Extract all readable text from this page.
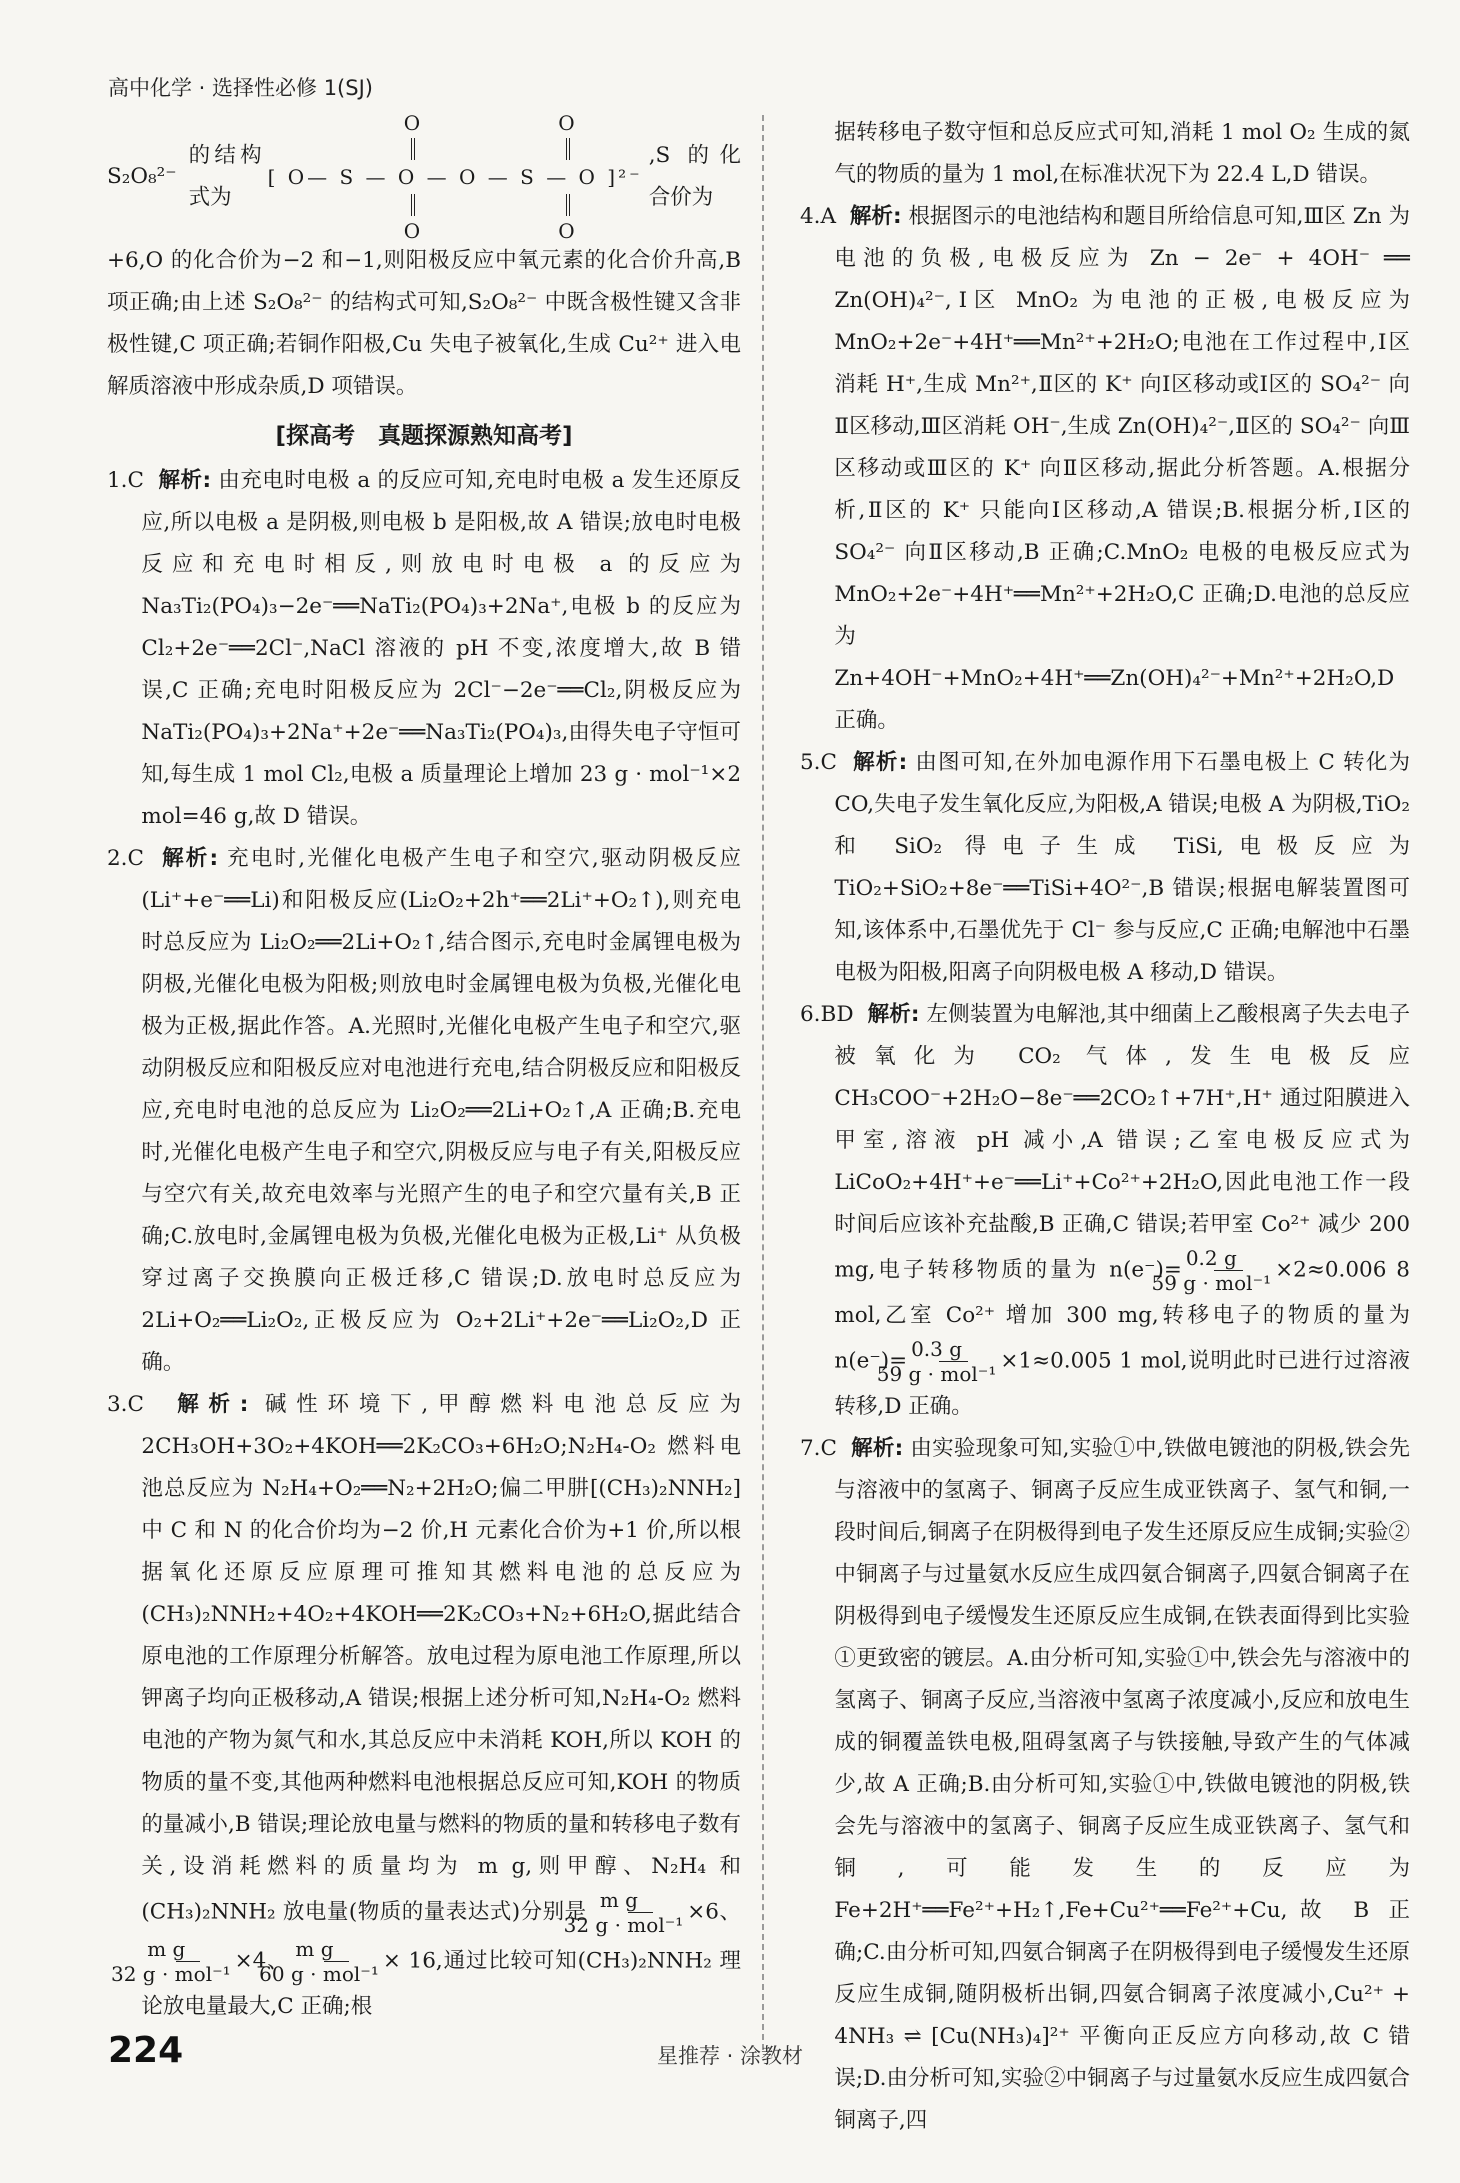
高中化学 · 选择性必修 1(SJ)
S₂O₈²⁻
的结构式为
O	O
[ O— S — O — O — S — O ]²⁻
O	O
,S 的化合价为

+6,O 的化合价为−2 和−1,则阳极反应中氧元素的化合价升高,B 项正确;由上述 S₂O₈²⁻ 的结构式可知,S₂O₈²⁻ 中既含极性键又含非极性键,C 项正确;若铜作阳极,Cu 失电子被氧化,生成 Cu²⁺ 进入电解质溶液中形成杂质,D 项错误。

[探高考　真题探源熟知高考]

1.C 解析: 由充电时电极 a 的反应可知,充电时电极 a 发生还原反应,所以电极 a 是阴极,则电极 b 是阳极,故 A 错误;放电时电极反应和充电时相反,则放电时电极 a 的反应为 Na₃Ti₂(PO₄)₃−2e⁻══NaTi₂(PO₄)₃+2Na⁺,电极 b 的反应为 Cl₂+2e⁻══2Cl⁻,NaCl 溶液的 pH 不变,浓度增大,故 B 错误,C 正确;充电时阳极反应为 2Cl⁻−2e⁻══Cl₂,阴极反应为 NaTi₂(PO₄)₃+2Na⁺+2e⁻══Na₃Ti₂(PO₄)₃,由得失电子守恒可知,每生成 1 mol Cl₂,电极 a 质量理论上增加 23 g · mol⁻¹×2 mol=46 g,故 D 错误。

2.C 解析: 充电时,光催化电极产生电子和空穴,驱动阴极反应(Li⁺+e⁻══Li)和阳极反应(Li₂O₂+2h⁺══2Li⁺+O₂↑),则充电时总反应为 Li₂O₂══2Li+O₂↑,结合图示,充电时金属锂电极为阴极,光催化电极为阳极;则放电时金属锂电极为负极,光催化电极为正极,据此作答。A.光照时,光催化电极产生电子和空穴,驱动阴极反应和阳极反应对电池进行充电,结合阴极反应和阳极反应,充电时电池的总反应为 Li₂O₂══2Li+O₂↑,A 正确;B.充电时,光催化电极产生电子和空穴,阴极反应与电子有关,阳极反应与空穴有关,故充电效率与光照产生的电子和空穴量有关,B 正确;C.放电时,金属锂电极为负极,光催化电极为正极,Li⁺ 从负极穿过离子交换膜向正极迁移,C 错误;D.放电时总反应为 2Li+O₂══Li₂O₂,正极反应为 O₂+2Li⁺+2e⁻══Li₂O₂,D 正确。

3.C 解析: 碱性环境下,甲醇燃料电池总反应为 2CH₃OH+3O₂+4KOH══2K₂CO₃+6H₂O;N₂H₄-O₂ 燃料电池总反应为 N₂H₄+O₂══N₂+2H₂O;偏二甲肼[(CH₃)₂NNH₂]中 C 和 N 的化合价均为−2 价,H 元素化合价为+1 价,所以根据氧化还原反应原理可推知其燃料电池的总反应为(CH₃)₂NNH₂+4O₂+4KOH══2K₂CO₃+N₂+6H₂O,据此结合原电池的工作原理分析解答。放电过程为原电池工作原理,所以钾离子均向正极移动,A 错误;根据上述分析可知,N₂H₄-O₂ 燃料电池的产物为氮气和水,其总反应中未消耗 KOH,所以 KOH 的物质的量不变,其他两种燃料电池根据总反应可知,KOH 的物质的量减小,B 错误;理论放电量与燃料的物质的量和转移电子数有关,设消耗燃料的质量均为 m g,则甲醇、N₂H₄ 和(CH₃)₂NNH₂ 放电量(物质的量表达式)分别是 $\frac{\text{m g}}{\text{32 g · mol⁻¹}} \times 6$、
$\frac{\text{m g}}{\text{32 g · mol⁻¹}} \times 4$、 $\frac{\text{m g}}{\text{60 g · mol⁻¹}} \times 16$,通过比较可知(CH₃)₂NNH₂ 理论放电量最大,C 正确;根

据转移电子数守恒和总反应式可知,消耗 1 mol O₂ 生成的氮气的物质的量为 1 mol,在标准状况下为 22.4 L,D 错误。

4.A 解析: 根据图示的电池结构和题目所给信息可知,Ⅲ区 Zn 为电池的负极,电极反应为 Zn − 2e⁻ + 4OH⁻ ══ Zn(OH)₄²⁻,Ⅰ区 MnO₂ 为电池的正极,电极反应为 MnO₂+2e⁻+4H⁺══Mn²⁺+2H₂O;电池在工作过程中,Ⅰ区消耗 H⁺,生成 Mn²⁺,Ⅱ区的 K⁺ 向Ⅰ区移动或Ⅰ区的 SO₄²⁻ 向Ⅱ区移动,Ⅲ区消耗 OH⁻,生成 Zn(OH)₄²⁻,Ⅱ区的 SO₄²⁻ 向Ⅲ区移动或Ⅲ区的 K⁺ 向Ⅱ区移动,据此分析答题。A.根据分析,Ⅱ区的 K⁺ 只能向Ⅰ区移动,A 错误;B.根据分析,Ⅰ区的 SO₄²⁻ 向Ⅱ区移动,B 正确;C.MnO₂ 电极的电极反应式为 MnO₂+2e⁻+4H⁺══Mn²⁺+2H₂O,C 正确;D.电池的总反应为 Zn+4OH⁻+MnO₂+4H⁺══Zn(OH)₄²⁻+Mn²⁺+2H₂O,D 正确。

5.C 解析: 由图可知,在外加电源作用下石墨电极上 C 转化为 CO,失电子发生氧化反应,为阳极,A 错误;电极 A 为阴极,TiO₂ 和 SiO₂ 得电子生成 TiSi,电极反应为 TiO₂+SiO₂+8e⁻══TiSi+4O²⁻,B 错误;根据电解装置图可知,该体系中,石墨优先于 Cl⁻ 参与反应,C 正确;电解池中石墨电极为阳极,阳离子向阴极电极 A 移动,D 错误。

6.BD 解析: 左侧装置为电解池,其中细菌上乙酸根离子失去电子被氧化为 CO₂ 气体,发生电极反应 CH₃COO⁻+2H₂O−8e⁻══2CO₂↑+7H⁺,H⁺ 通过阳膜进入甲室,溶液 pH 减小,A 错误;乙室电极反应式为 LiCoO₂+4H⁺+e⁻══Li⁺+Co²⁺+2H₂O,因此电池工作一段时间后应该补充盐酸,B 正确,C 错误;若甲室 Co²⁺ 减少 200 mg,电子转移物质的量为 $n(e^-)= \frac{0.2 g}{\text{59 g · mol⁻¹}} \times 2\approx 0.006$ 8 mol,乙室 Co²⁺ 增加 300 mg,转移电子的物质的量为 $n(e^-)= \frac{0.3 g}{\text{59 g · mol⁻¹}} \times 1\approx 0.005$ 1 mol,说明此时已进行过溶液转移,D 正确。

7.C 解析: 由实验现象可知,实验①中,铁做电镀池的阴极,铁会先与溶液中的氢离子、铜离子反应生成亚铁离子、氢气和铜,一段时间后,铜离子在阴极得到电子发生还原反应生成铜;实验②中铜离子与过量氨水反应生成四氨合铜离子,四氨合铜离子在阴极得到电子缓慢发生还原反应生成铜,在铁表面得到比实验①更致密的镀层。A.由分析可知,实验①中,铁会先与溶液中的氢离子、铜离子反应,当溶液中氢离子浓度减小,反应和放电生成的铜覆盖铁电极,阻碍氢离子与铁接触,导致产生的气体减少,故 A 正确;B.由分析可知,实验①中,铁做电镀池的阴极,铁会先与溶液中的氢离子、铜离子反应生成亚铁离子、氢气和铜,可能发生的反应为 Fe+2H⁺══Fe²⁺+H₂↑,Fe+Cu²⁺══Fe²⁺+Cu,故 B 正确;C.由分析可知,四氨合铜离子在阴极得到电子缓慢发生还原反应生成铜,随阴极析出铜,四氨合铜离子浓度减小,Cu²⁺ + 4NH₃ ⇌ [Cu(NH₃)₄]²⁺ 平衡向正反应方向移动,故 C 错误;D.由分析可知,实验②中铜离子与过量氨水反应生成四氨合铜离子,四

224	星推荐 · 涂教材
